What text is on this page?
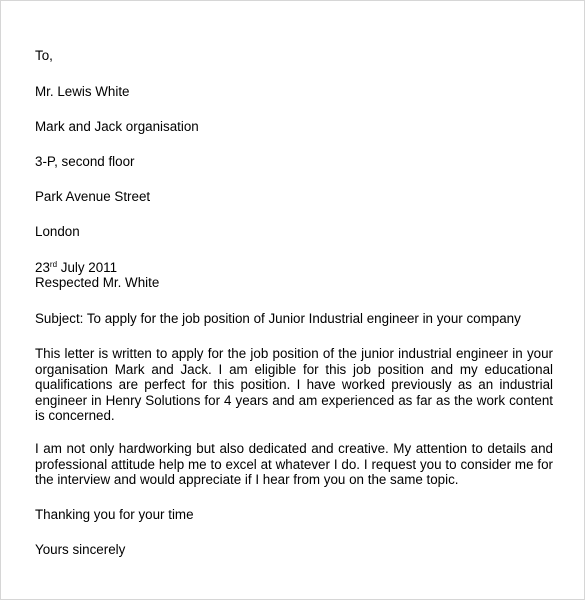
To,
Mr. Lewis White
Mark and Jack organisation
3-P, second floor
Park Avenue Street
London
23rd July 2011
Respected Mr. White
Subject: To apply for the job position of Junior Industrial engineer in your company
This letter is written to apply for the job position of the junior industrial engineer in your organisation Mark and Jack. I am eligible for this job position and my educational qualifications are perfect for this position. I have worked previously as an industrial engineer in Henry Solutions for 4 years and am experienced as far as the work content is concerned.
I am not only hardworking but also dedicated and creative. My attention to details and professional attitude help me to excel at whatever I do. I request you to consider me for the interview and would appreciate if I hear from you on the same topic.
Thanking you for your time
Yours sincerely
